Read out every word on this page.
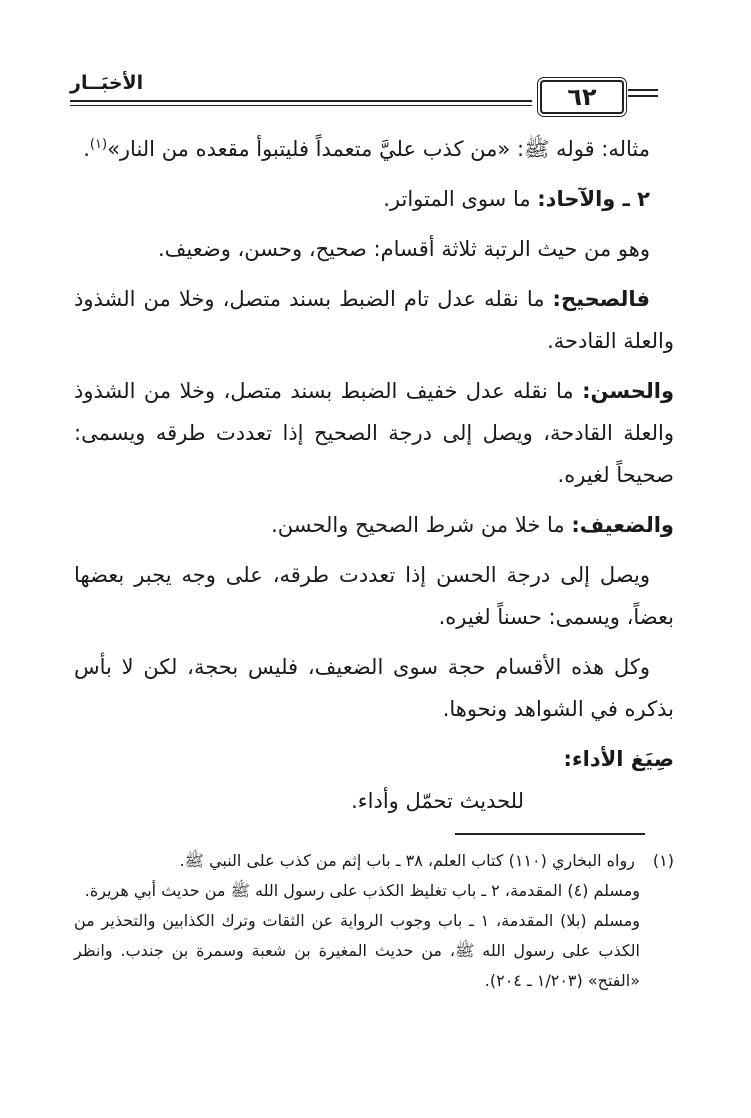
الأخبَــار	٦٢

مثاله: قوله ﷺ: «من كذب عليَّ متعمداً فليتبوأ مقعده من النار»$^{(١)}$.

٢ ـ والآحاد: ما سوى المتواتر.

وهو من حيث الرتبة ثلاثة أقسام: صحيح، وحسن، وضعيف.

فالصحيح: ما نقله عدل تام الضبط بسند متصل، وخلا من الشذوذ والعلة القادحة.

والحسن: ما نقله عدل خفيف الضبط بسند متصل، وخلا من الشذوذ والعلة القادحة، ويصل إلى درجة الصحيح إذا تعددت طرقه ويسمى: صحيحاً لغيره.

والضعيف: ما خلا من شرط الصحيح والحسن.

ويصل إلى درجة الحسن إذا تعددت طرقه، على وجه يجبر بعضها بعضاً، ويسمى: حسناً لغيره.

وكل هذه الأقسام حجة سوى الضعيف، فليس بحجة، لكن لا بأس بذكره في الشواهد ونحوها.

صِيَغ الأداء:

للحديث تحمّل وأداء.

(١) رواه البخاري (١١٠) كتاب العلم، ٣٨ ـ باب إثم من كذب على النبي ﷺ.

ومسلم (٤) المقدمة، ٢ ـ باب تغليظ الكذب على رسول الله ﷺ من حديث أبي هريرة.

ومسلم (بلا) المقدمة، ١ ـ باب وجوب الرواية عن الثقات وترك الكذابين والتحذير من الكذب على رسول الله ﷺ، من حديث المغيرة بن شعبة وسمرة بن جندب. وانظر «الفتح» (١/٢٠٣ ـ ٢٠٤).
